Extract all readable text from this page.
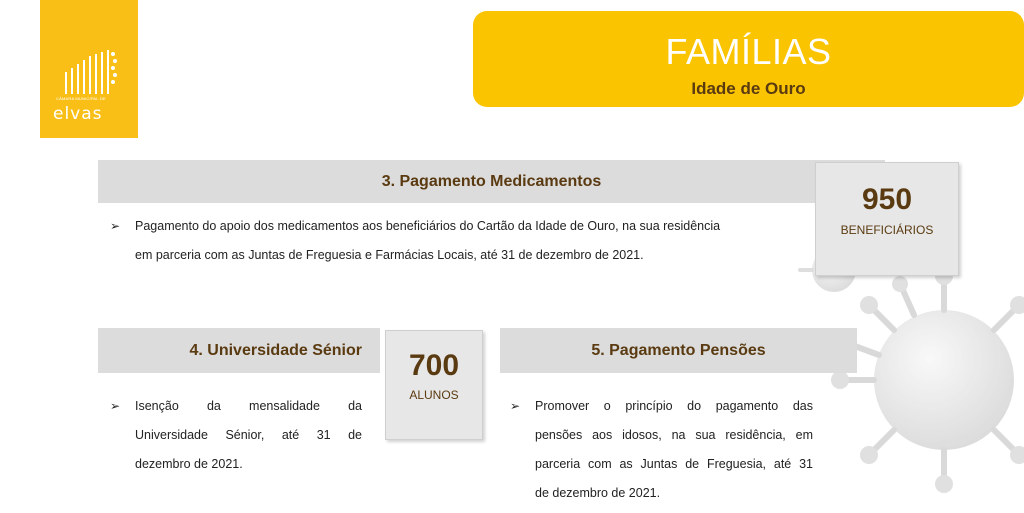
CÂMARA MUNICIPAL DE
elvas
FAMÍLIAS
Idade de Ouro
3. Pagamento Medicamentos
➢ Pagamento do apoio dos medicamentos aos beneficiários do Cartão da Idade de Ouro, na sua residência
em parceria com as Juntas de Freguesia e Farmácias Locais, até 31 de dezembro de 2021.
950
BENEFICIÁRIOS
4. Universidade Sénior	700
ALUNOS
➢ Isenção da mensalidade da
Universidade Sénior, até 31 de
dezembro de 2021.
5. Pagamento Pensões
➢ Promover o princípio do pagamento das
pensões aos idosos, na sua residência, em
parceria com as Juntas de Freguesia, até 31
de dezembro de 2021.
